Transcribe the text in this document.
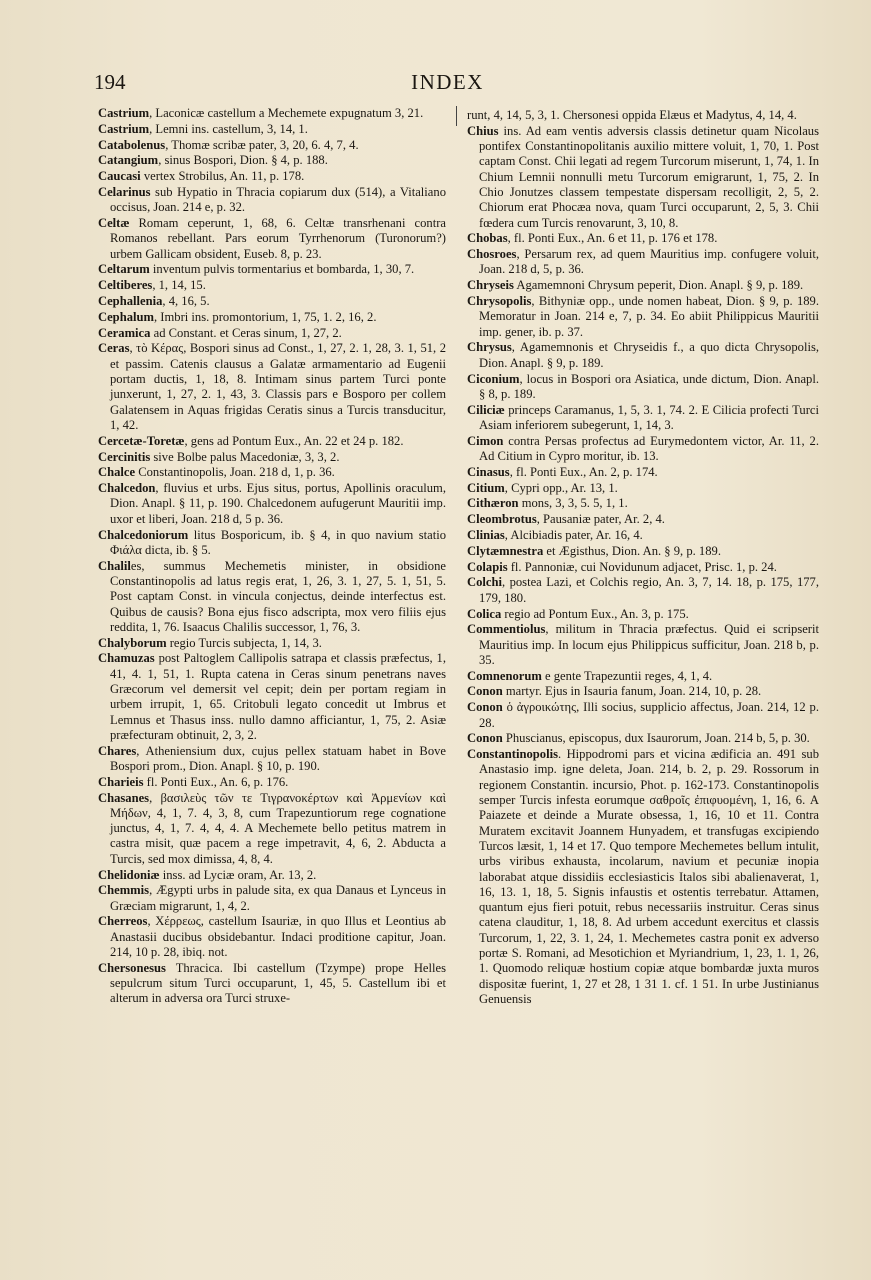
194	INDEX
Castrium, Laconicæ castellum a Mechemete expugnatum 3, 21.
Castrium, Lemni ins. castellum, 3, 14, 1.
Catabolenus, Thomæ scribæ pater, 3, 20, 6. 4, 7, 4.
Catangium, sinus Bospori, Dion. § 4, p. 188.
Caucasi vertex Strobilus, An. 11, p. 178.
Celarinus sub Hypatio in Thracia copiarum dux (514), a Vitaliano occisus, Joan. 214 e, p. 32.
Celtæ Romam ceperunt, 1, 68, 6. Celtæ transrhenani contra Romanos rebellant. Pars eorum Tyrrhenorum (Turonorum?) urbem Gallicam obsident, Euseb. 8, p. 23.
Celtarum inventum pulvis tormentarius et bombarda, 1, 30, 7.
Celtiberes, 1, 14, 15.
Cephallenia, 4, 16, 5.
Cephalum, Imbri ins. promontorium, 1, 75, 1. 2, 16, 2.
Ceramica ad Constant. et Ceras sinum, 1, 27, 2.
Ceras, τὸ Κέρας, Bospori sinus ad Const., 1, 27, 2. 1, 28, 3. 1, 51, 2 et passim. Catenis clausus a Galatæ armamentario ad Eugenii portam ductis, 1, 18, 8. Intimam sinus partem Turci ponte junxerunt, 1, 27, 2. 1, 43, 3. Classis pars e Bosporo per collem Galatensem in Aquas frigidas Ceratis sinus a Turcis transducitur, 1, 42.
Cercetæ-Toretæ, gens ad Pontum Eux., An. 22 et 24 p. 182.
Cercinitis sive Bolbe palus Macedoniæ, 3, 3, 2.
Chalce Constantinopolis, Joan. 218 d, 1, p. 36.
Chalcedon, fluvius et urbs. Ejus situs, portus, Apollinis oraculum, Dion. Anapl. § 11, p. 190. Chalcedonem aufugerunt Mauritii imp. uxor et liberi, Joan. 218 d, 5 p. 36.
Chalcedoniorum litus Bosporicum, ib. § 4, in quo navium statio Φιάλα dicta, ib. § 5.
Chaliles, summus Mechemetis minister, in obsidione Constantinopolis ad latus regis erat, 1, 26, 3. 1, 27, 5. 1, 51, 5. Post captam Const. in vincula conjectus, deinde interfectus est. Quibus de causis? Bona ejus fisco adscripta, mox vero filiis ejus reddita, 1, 76. Isaacus Chalilis successor, 1, 76, 3.
Chalyborum regio Turcis subjecta, 1, 14, 3.
Chamuzas post Paltoglem Callipolis satrapa et classis præfectus, 1, 41, 4. 1, 51, 1. Rupta catena in Ceras sinum penetrans naves Græcorum vel demersit vel cepit; dein per portam regiam in urbem irrupit, 1, 65. Critobuli legato concedit ut Imbrus et Lemnus et Thasus inss. nullo damno afficiantur, 1, 75, 2. Asiæ præfecturam obtinuit, 2, 3, 2.
Chares, Atheniensium dux, cujus pellex statuam habet in Bove Bospori prom., Dion. Anapl. § 10, p. 190.
Charieis fl. Ponti Eux., An. 6, p. 176.
Chasanes, βασιλεὺς τῶν τε Τιγρανοκέρτων καὶ Ἀρμενίων καὶ Μήδων, 4, 1, 7. 4, 3, 8, cum Trapezuntiorum rege cognatione junctus, 4, 1, 7. 4, 4, 4. A Mechemete bello petitus matrem in castra misit, quæ pacem a rege impetravit, 4, 6, 2. Abducta a Turcis, sed mox dimissa, 4, 8, 4.
Chelidoniæ inss. ad Lyciæ oram, Ar. 13, 2.
Chemmis, Ægypti urbs in palude sita, ex qua Danaus et Lynceus in Græciam migrarunt, 1, 4, 2.
Cherreos, Χέρρεως, castellum Isauriæ, in quo Illus et Leontius ab Anastasii ducibus obsidebantur. Indaci proditione capitur, Joan. 214, 10 p. 28, ibiq. not.
Chersonesus Thracica. Ibi castellum (Tzympe) prope Helles sepulcrum situm Turci occuparunt, 1, 45, 5. Castellum ibi et alterum in adversa ora Turci struxe-
runt, 4, 14, 5, 3, 1. Chersonesi oppida Elæus et Madytus, 4, 14, 4.
Chius ins. Ad eam ventis adversis classis detinetur quam Nicolaus pontifex Constantinopolitanis auxilio mittere voluit, 1, 70, 1. Post captam Const. Chii legati ad regem Turcorum miserunt, 1, 74, 1. In Chium Lemnii nonnulli metu Turcorum emigrarunt, 1, 75, 2. In Chio Jonutzes classem tempestate dispersam recolligit, 2, 5, 2. Chiorum erat Phocæa nova, quam Turci occuparunt, 2, 5, 3. Chii fœdera cum Turcis renovarunt, 3, 10, 8.
Chobas, fl. Ponti Eux., An. 6 et 11, p. 176 et 178.
Chosroes, Persarum rex, ad quem Mauritius imp. confugere voluit, Joan. 218 d, 5, p. 36.
Chryseis Agamemnoni Chrysum peperit, Dion. Anapl. § 9, p. 189.
Chrysopolis, Bithyniæ opp., unde nomen habeat, Dion. § 9, p. 189. Memoratur in Joan. 214 e, 7, p. 34. Eo abiit Philippicus Mauritii imp. gener, ib. p. 37.
Chrysus, Agamemnonis et Chryseidis f., a quo dicta Chrysopolis, Dion. Anapl. § 9, p. 189.
Ciconium, locus in Bospori ora Asiatica, unde dictum, Dion. Anapl. § 8, p. 189.
Ciliciæ princeps Caramanus, 1, 5, 3. 1, 74. 2. E Cilicia profecti Turci Asiam inferiorem subegerunt, 1, 14, 3.
Cimon contra Persas profectus ad Eurymedontem victor, Ar. 11, 2. Ad Citium in Cypro moritur, ib. 13.
Cinasus, fl. Ponti Eux., An. 2, p. 174.
Citium, Cypri opp., Ar. 13, 1.
Cithæron mons, 3, 3, 5. 5, 1, 1.
Cleombrotus, Pausaniæ pater, Ar. 2, 4.
Clinias, Alcibiadis pater, Ar. 16, 4.
Clytæmnestra et Ægisthus, Dion. An. § 9, p. 189.
Colapis fl. Pannoniæ, cui Novidunum adjacet, Prisc. 1, p. 24.
Colchi, postea Lazi, et Colchis regio, An. 3, 7, 14. 18, p. 175, 177, 179, 180.
Colica regio ad Pontum Eux., An. 3, p. 175.
Commentiolus, militum in Thracia præfectus. Quid ei scripserit Mauritius imp. In locum ejus Philippicus sufficitur, Joan. 218 b, p. 35.
Comnenorum e gente Trapezuntii reges, 4, 1, 4.
Conon martyr. Ejus in Isauria fanum, Joan. 214, 10, p. 28.
Conon ὁ ἀγροικώτης, Illi socius, supplicio affectus, Joan. 214, 12 p. 28.
Conon Phuscianus, episcopus, dux Isaurorum, Joan. 214 b, 5, p. 30.
Constantinopolis. Hippodromi pars et vicina ædificia an. 491 sub Anastasio imp. igne deleta, Joan. 214, b. 2, p. 29. Rossorum in regionem Constantin. incursio, Phot. p. 162-173. Constantinopolis semper Turcis infesta eorumque σαθροῖς ἐπιφυομένη, 1, 16, 6. A Paiazete et deinde a Murate obsessa, 1, 16, 10 et 11. Contra Muratem excitavit Joannem Hunyadem, et transfugas excipiendo Turcos læsit, 1, 14 et 17. Quo tempore Mechemetes bellum intulit, urbs viribus exhausta, incolarum, navium et pecuniæ inopia laborabat atque dissidiis ecclesiasticis Italos sibi abalienaverat, 1, 16, 13. 1, 18, 5. Signis infaustis et ostentis terrebatur. Attamen, quantum ejus fieri potuit, rebus necessariis instruitur. Ceras sinus catena clauditur, 1, 18, 8. Ad urbem accedunt exercitus et classis Turcorum, 1, 22, 3. 1, 24, 1. Mechemetes castra ponit ex adverso portæ S. Romani, ad Mesotichion et Myriandrium, 1, 23, 1. 1, 26, 1. Quomodo reliquæ hostium copiæ atque bombardæ juxta muros dispositæ fuerint, 1, 27 et 28, 1 31 1. cf. 1 51. In urbe Justinianus Genuensis
